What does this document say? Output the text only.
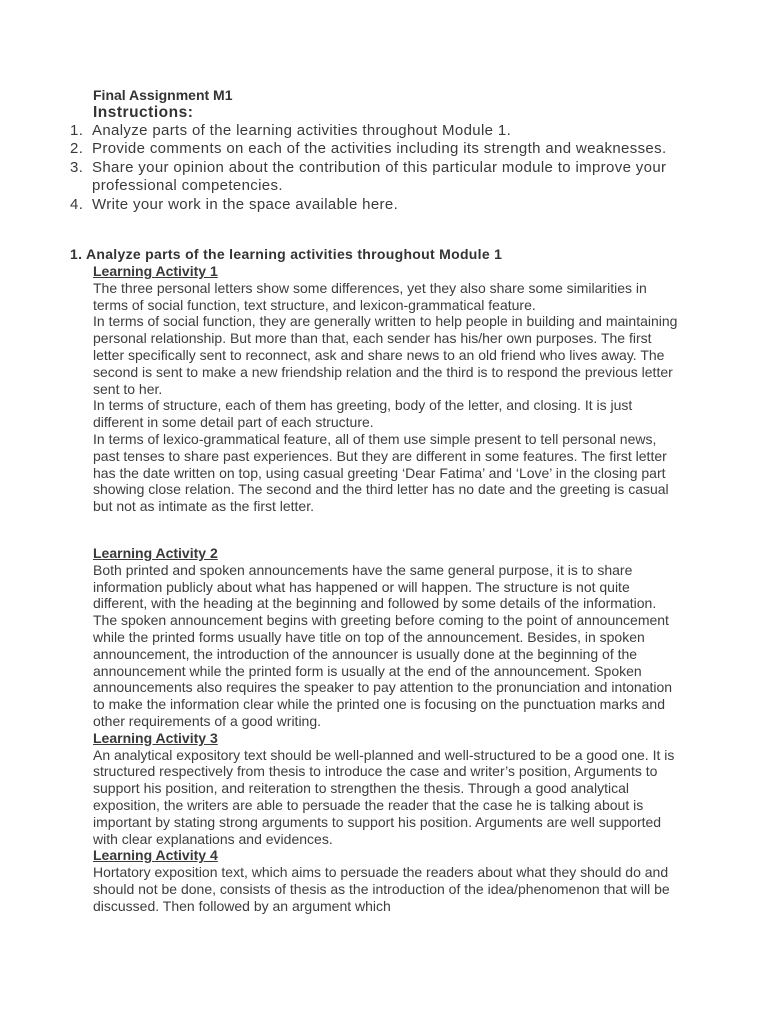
Final Assignment M1
Instructions:
1. Analyze parts of the learning activities throughout Module 1.
2. Provide comments on each of the activities including its strength and weaknesses.
3. Share your opinion about the contribution of this particular module to improve your professional competencies.
4. Write your work in the space available here.
1. Analyze parts of the learning activities throughout Module 1
Learning Activity 1

The three personal letters show some differences, yet they also share some similarities in terms of social function, text structure, and lexicon-grammatical feature.

In terms of social function, they are generally written to help people in building and maintaining personal relationship. But more than that, each sender has his/her own purposes. The first letter specifically sent to reconnect, ask and share news to an old friend who lives away. The second is sent to make a new friendship relation and the third is to respond the previous letter sent to her.

In terms of structure, each of them has greeting, body of the letter, and closing. It is just different in some detail part of each structure.

In terms of lexico-grammatical feature, all of them use simple present to tell personal news, past tenses to share past experiences. But they are different in some features. The first letter has the date written on top, using casual greeting ‘Dear Fatima’ and ‘Love’ in the closing part showing close relation. The second and the third letter has no date and the greeting is casual but not as intimate as the first letter.

Learning Activity 2

Both printed and spoken announcements have the same general purpose, it is to share information publicly about what has happened or will happen. The structure is not quite different, with the heading at the beginning and followed by some details of the information. The spoken announcement begins with greeting before coming to the point of announcement while the printed forms usually have title on top of the announcement. Besides, in spoken announcement, the introduction of the announcer is usually done at the beginning of the announcement while the printed form is usually at the end of the announcement. Spoken announcements also requires the speaker to pay attention to the pronunciation and intonation to make the information clear while the printed one is focusing on the punctuation marks and other requirements of a good writing.

Learning Activity 3

An analytical expository text should be well-planned and well-structured to be a good one. It is structured respectively from thesis to introduce the case and writer’s position, Arguments to support his position, and reiteration to strengthen the thesis. Through a good analytical exposition, the writers are able to persuade the reader that the case he is talking about is important by stating strong arguments to support his position. Arguments are well supported with clear explanations and evidences.

Learning Activity 4

Hortatory exposition text, which aims to persuade the readers about what they should do and should not be done, consists of thesis as the introduction of the idea/phenomenon that will be discussed. Then followed by an argument which
